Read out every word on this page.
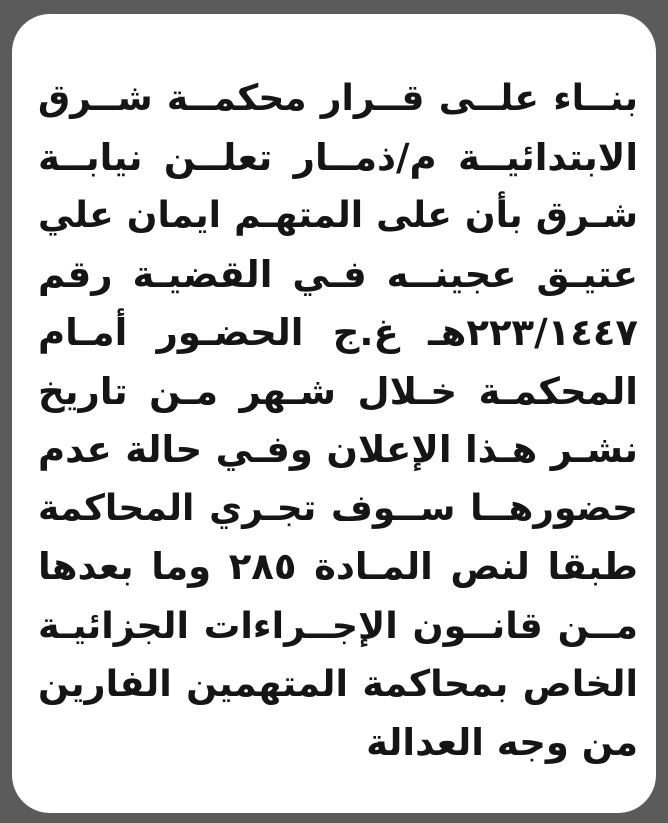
بنــاء علــى قــرار محكمــة شــرق
الابتدائيــة م/ذمــار تعلــن نيابــة
شـرق بأن على المتهـم ايمان علي
عتيـق عجينــه فـي القضيـة رقم
٢٢٣/١٤٤٧هـ غ.ج الحضـور أمـام
المحكمـة خـلال شـهر مـن تاريخ
نشـر هـذا الإعلان وفـي حالة عدم
حضورهــا ســوف تجـري المحاكمة
طبقا لنص المـادة ٢٨٥ وما بعدها
مــن قانــون الإجــراءات الجزائيـة
الخاص بمحاكمة المتهمين الفارين
من وجه العدالة
